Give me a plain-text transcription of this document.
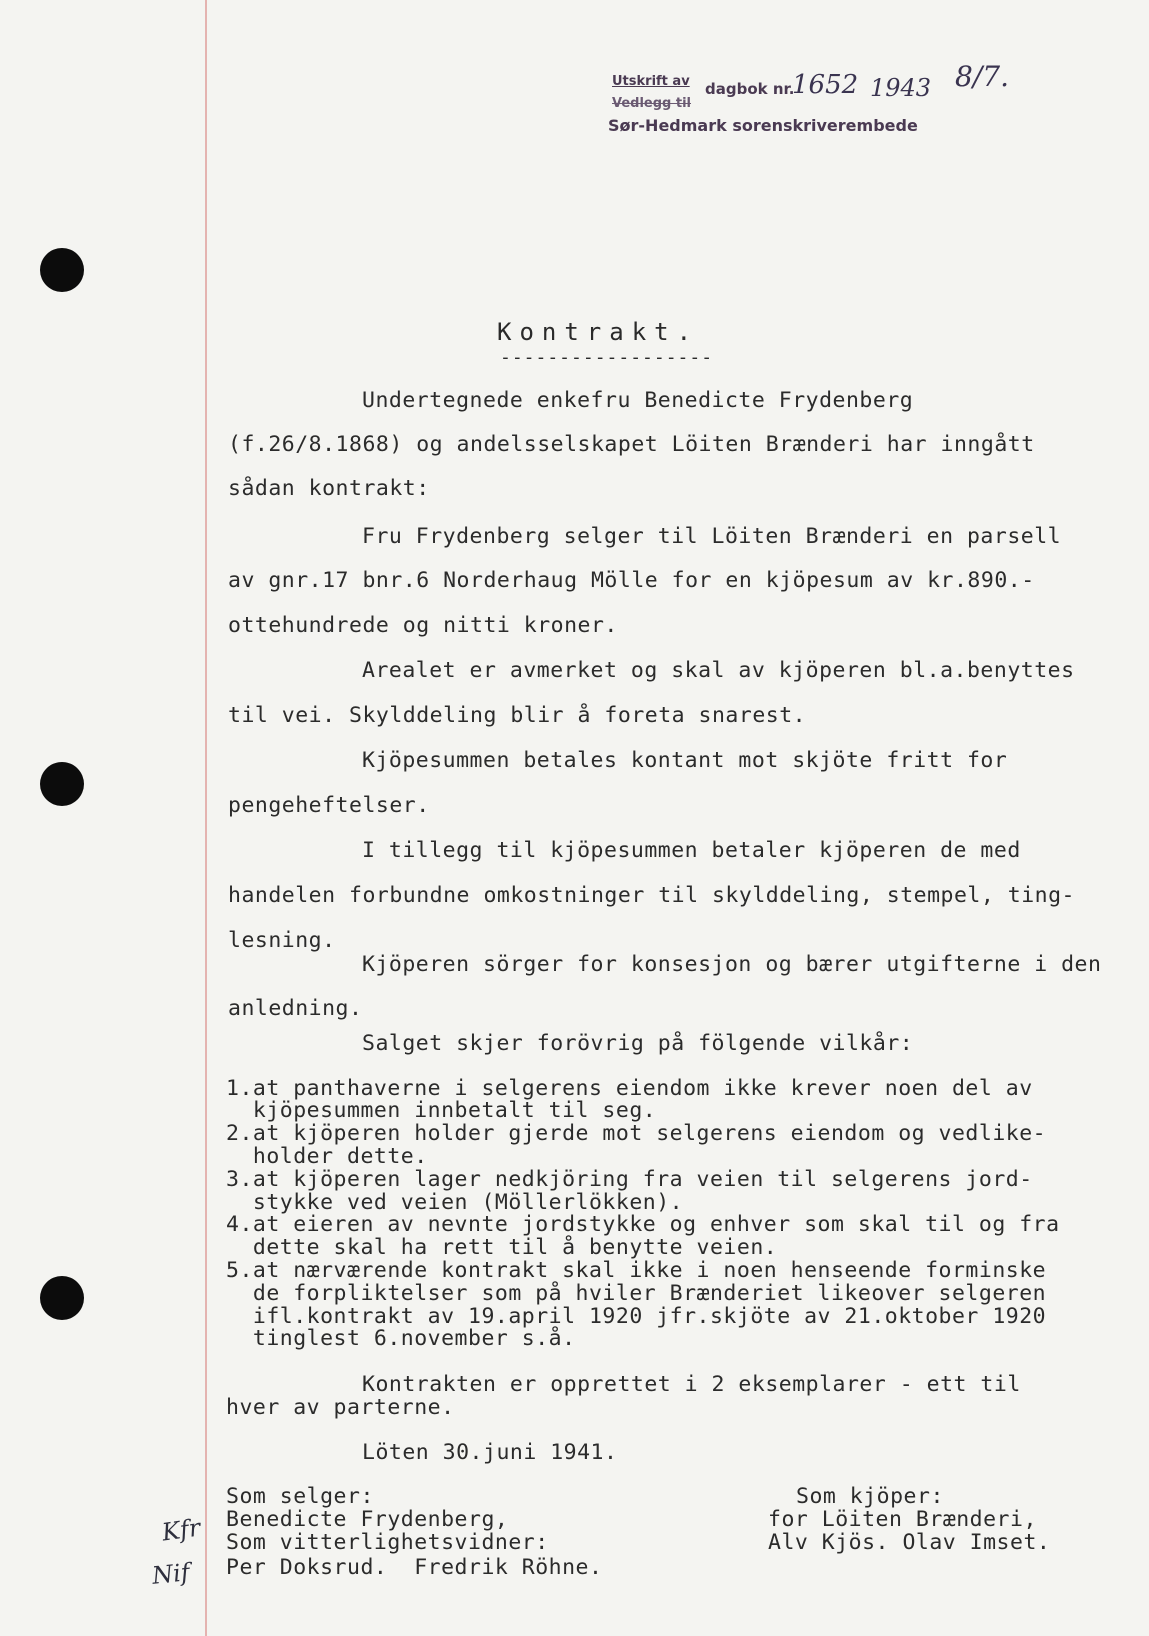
Utskrift av dagbok nr.
1652 1943 8/7.
Vedlegg til
Sør-Hedmark sorenskriverembede
Kontrakt.
------------------
Undertegnede enkefru Benedicte Frydenberg
(f.26/8.1868) og andelsselskapet Löiten Brænderi har inngått
sådan kontrakt:
Fru Frydenberg selger til Löiten Brænderi en parsell
av gnr.17 bnr.6 Norderhaug Mölle for en kjöpesum av kr.890.-
ottehundrede og nitti kroner.
Arealet er avmerket og skal av kjöperen bl.a.benyttes
til vei. Skylddeling blir å foreta snarest.
Kjöpesummen betales kontant mot skjöte fritt for
pengeheftelser.
I tillegg til kjöpesummen betaler kjöperen de med
handelen forbundne omkostninger til skylddeling, stempel, ting-
lesning.
Kjöperen sörger for konsesjon og bærer utgifterne i den
anledning.
Salget skjer forövrig på fölgende vilkår:
1.at panthaverne i selgerens eiendom ikke krever noen del av
kjöpesummen innbetalt til seg.
2.at kjöperen holder gjerde mot selgerens eiendom og vedlike-
holder dette.
3.at kjöperen lager nedkjöring fra veien til selgerens jord-
stykke ved veien (Möllerlökken).
4.at eieren av nevnte jordstykke og enhver som skal til og fra
dette skal ha rett til å benytte veien.
5.at nærværende kontrakt skal ikke i noen henseende forminske
de forpliktelser som på hviler Brænderiet likeover selgeren
ifl.kontrakt av 19.april 1920 jfr.skjöte av 21.oktober 1920
tinglest 6.november s.å.
Kontrakten er opprettet i 2 eksemplarer - ett til
hver av parterne.
Löten 30.juni 1941.
Som selger:
Benedicte Frydenberg,
Som vitterlighetsvidner:
Per Doksrud.  Fredrik Röhne.
Som kjöper:
for Löiten Brænderi,
Alv Kjös. Olav Imset.
Kfr
Nif
